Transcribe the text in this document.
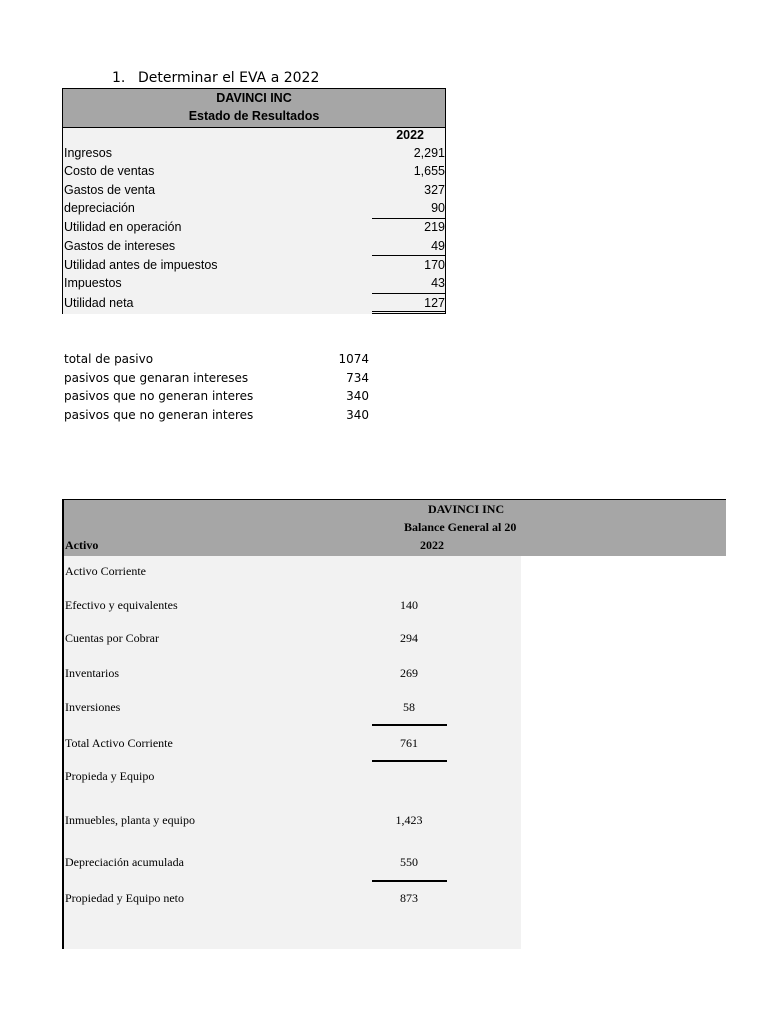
1. Determinar el EVA a 2022
DAVINCI INC
Estado de Resultados
2022
Ingresos	2,291
Costo de ventas	1,655
Gastos de venta	327
depreciación	90
Utilidad en operación	219
Gastos de intereses	49
Utilidad antes de impuestos	170
Impuestos	43
Utilidad neta	127
total de pasivo	1074
pasivos que genaran intereses	734
pasivos que no generan interes	340
pasivos que no generan interes	340
DAVINCI INC
Balance General al 20
2022
Activo
Activo Corriente
Efectivo y equivalentes	140
Cuentas por Cobrar	294
Inventarios	269
Inversiones	58
Total Activo Corriente	761
Propieda y Equipo
Inmuebles, planta y equipo	1,423
Depreciación acumulada	550
Propiedad y Equipo neto	873
